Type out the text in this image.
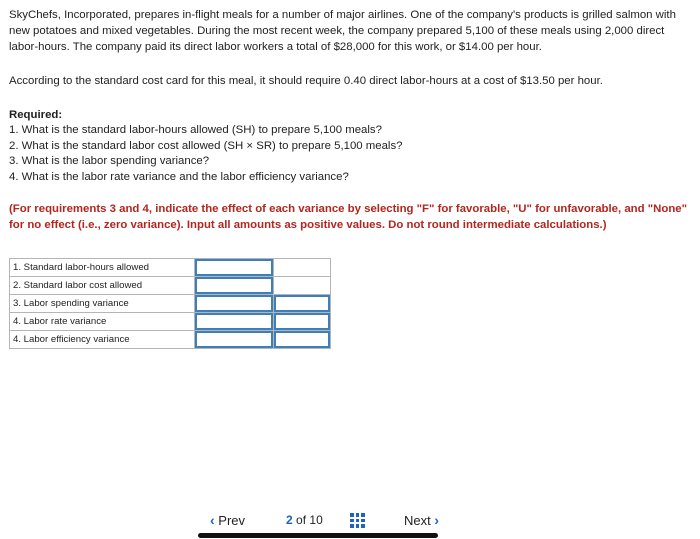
SkyChefs, Incorporated, prepares in-flight meals for a number of major airlines. One of the company's products is grilled salmon with new potatoes and mixed vegetables. During the most recent week, the company prepared 5,100 of these meals using 2,000 direct labor-hours. The company paid its direct labor workers a total of $28,000 for this work, or $14.00 per hour.

According to the standard cost card for this meal, it should require 0.40 direct labor-hours at a cost of $13.50 per hour.

Required:
1. What is the standard labor-hours allowed (SH) to prepare 5,100 meals?
2. What is the standard labor cost allowed (SH × SR) to prepare 5,100 meals?
3. What is the labor spending variance?
4. What is the labor rate variance and the labor efficiency variance?
(For requirements 3 and 4, indicate the effect of each variance by selecting "F" for favorable, "U" for unfavorable, and "None" for no effect (i.e., zero variance). Input all amounts as positive values. Do not round intermediate calculations.)
1. Standard labor-hours allowed	

2. Standard labor cost allowed	

3. Labor spending variance	

4. Labor rate variance	

4. Labor efficiency variance	

‹ Prev	2 of 10	Next ›
